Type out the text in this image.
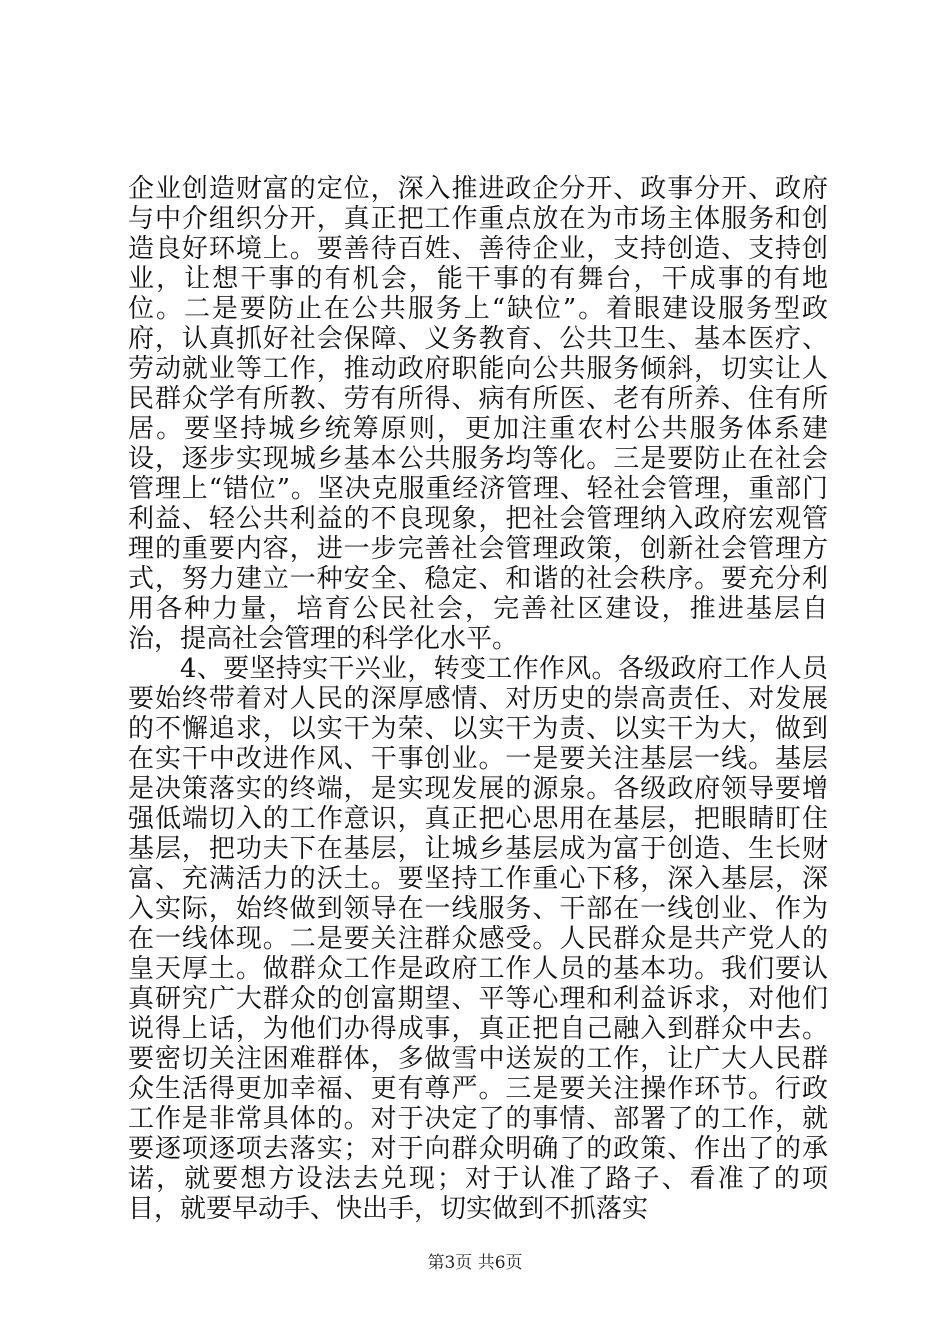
企业创造财富的定位，深入推进政企分开、政事分开、政府与中介组织分开，真正把工作重点放在为市场主体服务和创造良好环境上。要善待百姓、善待企业，支持创造、支持创业，让想干事的有机会，能干事的有舞台，干成事的有地位。二是要防止在公共服务上“缺位”。着眼建设服务型政府，认真抓好社会保障、义务教育、公共卫生、基本医疗、劳动就业等工作，推动政府职能向公共服务倾斜，切实让人民群众学有所教、劳有所得、病有所医、老有所养、住有所居。要坚持城乡统筹原则，更加注重农村公共服务体系建设，逐步实现城乡基本公共服务均等化。三是要防止在社会管理上“错位”。坚决克服重经济管理、轻社会管理，重部门利益、轻公共利益的不良现象，把社会管理纳入政府宏观管理的重要内容，进一步完善社会管理政策，创新社会管理方式，努力建立一种安全、稳定、和谐的社会秩序。要充分利用各种力量，培育公民社会，完善社区建设，推进基层自治，提高社会管理的科学化水平。

4、要坚持实干兴业，转变工作作风。各级政府工作人员要始终带着对人民的深厚感情、对历史的崇高责任、对发展的不懈追求，以实干为荣、以实干为责、以实干为大，做到在实干中改进作风、干事创业。一是要关注基层一线。基层是决策落实的终端，是实现发展的源泉。各级政府领导要增强低端切入的工作意识，真正把心思用在基层，把眼睛盯住基层，把功夫下在基层，让城乡基层成为富于创造、生长财富、充满活力的沃土。要坚持工作重心下移，深入基层，深入实际，始终做到领导在一线服务、干部在一线创业、作为在一线体现。二是要关注群众感受。人民群众是共产党人的皇天厚土。做群众工作是政府工作人员的基本功。我们要认真研究广大群众的创富期望、平等心理和利益诉求，对他们说得上话，为他们办得成事，真正把自己融入到群众中去。要密切关注困难群体，多做雪中送炭的工作，让广大人民群众生活得更加幸福、更有尊严。三是要关注操作环节。行政工作是非常具体的。对于决定了的事情、部署了的工作，就要逐项逐项去落实；对于向群众明确了的政策、作出了的承诺，就要想方设法去兑现；对于认准了路子、看准了的项目，就要早动手、快出手，切实做到不抓落实

第3页 共6页
